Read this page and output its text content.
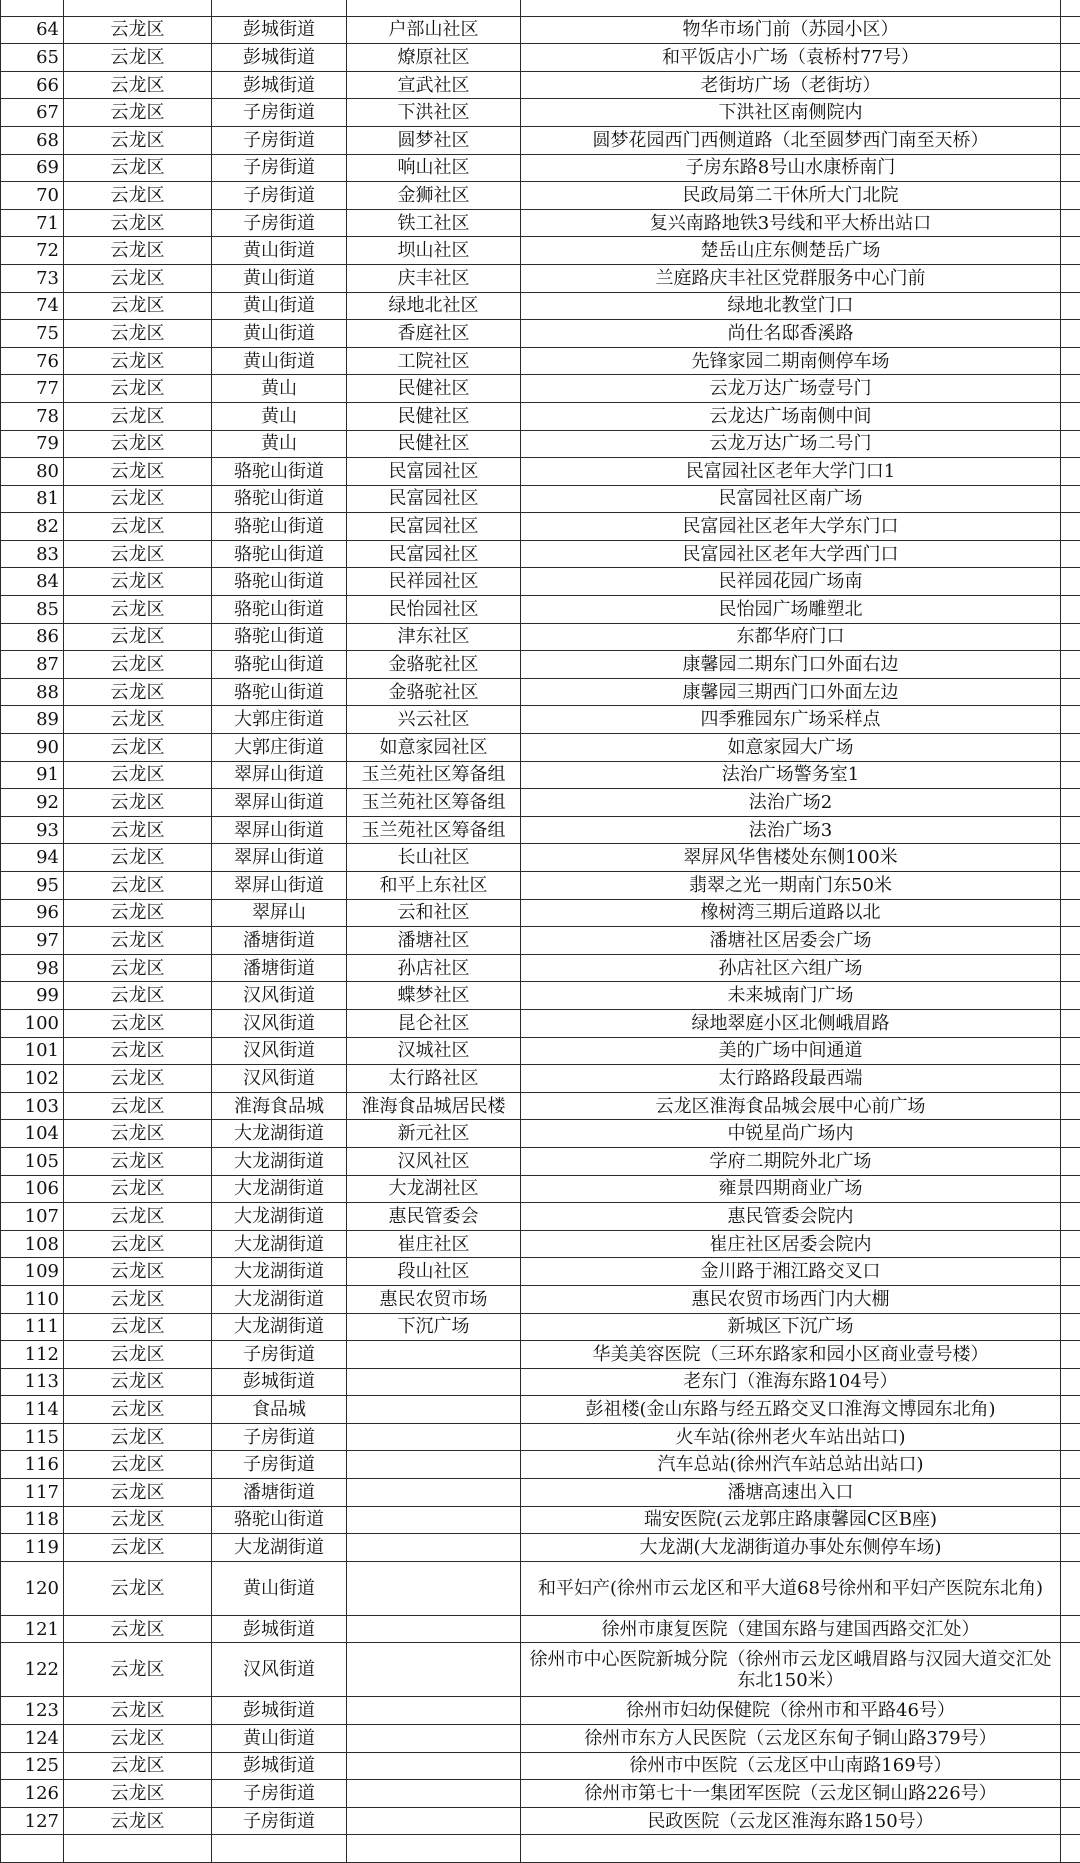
64	云龙区	彭城街道	户部山社区	物华市场门前（苏园小区）	
65	云龙区	彭城街道	燎原社区	和平饭店小广场（袁桥村77号）	
66	云龙区	彭城街道	宣武社区	老街坊广场（老街坊）	
67	云龙区	子房街道	下洪社区	下洪社区南侧院内	
68	云龙区	子房街道	圆梦社区	圆梦花园西门西侧道路（北至圆梦西门南至天桥）	
69	云龙区	子房街道	响山社区	子房东路8号山水康桥南门	
70	云龙区	子房街道	金狮社区	民政局第二干休所大门北院	
71	云龙区	子房街道	铁工社区	复兴南路地铁3号线和平大桥出站口	
72	云龙区	黄山街道	坝山社区	楚岳山庄东侧楚岳广场	
73	云龙区	黄山街道	庆丰社区	兰庭路庆丰社区党群服务中心门前	
74	云龙区	黄山街道	绿地北社区	绿地北教堂门口	
75	云龙区	黄山街道	香庭社区	尚仕名邸香溪路	
76	云龙区	黄山街道	工院社区	先锋家园二期南侧停车场	
77	云龙区	黄山	民健社区	云龙万达广场壹号门	
78	云龙区	黄山	民健社区	云龙达广场南侧中间	
79	云龙区	黄山	民健社区	云龙万达广场二号门	
80	云龙区	骆驼山街道	民富园社区	民富园社区老年大学门口1	
81	云龙区	骆驼山街道	民富园社区	民富园社区南广场	
82	云龙区	骆驼山街道	民富园社区	民富园社区老年大学东门口	
83	云龙区	骆驼山街道	民富园社区	民富园社区老年大学西门口	
84	云龙区	骆驼山街道	民祥园社区	民祥园花园广场南	
85	云龙区	骆驼山街道	民怡园社区	民怡园广场雕塑北	
86	云龙区	骆驼山街道	津东社区	东都华府门口	
87	云龙区	骆驼山街道	金骆驼社区	康馨园二期东门口外面右边	
88	云龙区	骆驼山街道	金骆驼社区	康馨园三期西门口外面左边	
89	云龙区	大郭庄街道	兴云社区	四季雅园东广场采样点	
90	云龙区	大郭庄街道	如意家园社区	如意家园大广场	
91	云龙区	翠屏山街道	玉兰苑社区筹备组	法治广场警务室1	
92	云龙区	翠屏山街道	玉兰苑社区筹备组	法治广场2	
93	云龙区	翠屏山街道	玉兰苑社区筹备组	法治广场3	
94	云龙区	翠屏山街道	长山社区	翠屏风华售楼处东侧100米	
95	云龙区	翠屏山街道	和平上东社区	翡翠之光一期南门东50米	
96	云龙区	翠屏山	云和社区	橡树湾三期后道路以北	
97	云龙区	潘塘街道	潘塘社区	潘塘社区居委会广场	
98	云龙区	潘塘街道	孙店社区	孙店社区六组广场	
99	云龙区	汉风街道	蝶梦社区	未来城南门广场	
100	云龙区	汉风街道	昆仑社区	绿地翠庭小区北侧峨眉路	
101	云龙区	汉风街道	汉城社区	美的广场中间通道	
102	云龙区	汉风街道	太行路社区	太行路路段最西端	
103	云龙区	淮海食品城	淮海食品城居民楼	云龙区淮海食品城会展中心前广场	
104	云龙区	大龙湖街道	新元社区	中锐星尚广场内	
105	云龙区	大龙湖街道	汉风社区	学府二期院外北广场	
106	云龙区	大龙湖街道	大龙湖社区	雍景四期商业广场	
107	云龙区	大龙湖街道	惠民管委会	惠民管委会院内	
108	云龙区	大龙湖街道	崔庄社区	崔庄社区居委会院内	
109	云龙区	大龙湖街道	段山社区	金川路于湘江路交叉口	
110	云龙区	大龙湖街道	惠民农贸市场	惠民农贸市场西门内大棚	
111	云龙区	大龙湖街道	下沉广场	新城区下沉广场	
112	云龙区	子房街道		华美美容医院（三环东路家和园小区商业壹号楼）	
113	云龙区	彭城街道		老东门（淮海东路104号）	
114	云龙区	食品城		彭祖楼(金山东路与经五路交叉口淮海文博园东北角)	
115	云龙区	子房街道		火车站(徐州老火车站出站口)	
116	云龙区	子房街道		汽车总站(徐州汽车站总站出站口)	
117	云龙区	潘塘街道		潘塘高速出入口	
118	云龙区	骆驼山街道		瑞安医院(云龙郭庄路康馨园C区B座)	
119	云龙区	大龙湖街道		大龙湖(大龙湖街道办事处东侧停车场)	
120	云龙区	黄山街道		和平妇产(徐州市云龙区和平大道68号徐州和平妇产医院东北角)	
121	云龙区	彭城街道		徐州市康复医院（建国东路与建国西路交汇处）	
122	云龙区	汉风街道		徐州市中心医院新城分院（徐州市云龙区峨眉路与汉园大道交汇处东北150米）	
123	云龙区	彭城街道		徐州市妇幼保健院（徐州市和平路46号）	
124	云龙区	黄山街道		徐州市东方人民医院（云龙区东甸子铜山路379号）	
125	云龙区	彭城街道		徐州市中医院（云龙区中山南路169号）	
126	云龙区	子房街道		徐州市第七十一集团军医院（云龙区铜山路226号）	
127	云龙区	子房街道		民政医院（云龙区淮海东路150号）	
